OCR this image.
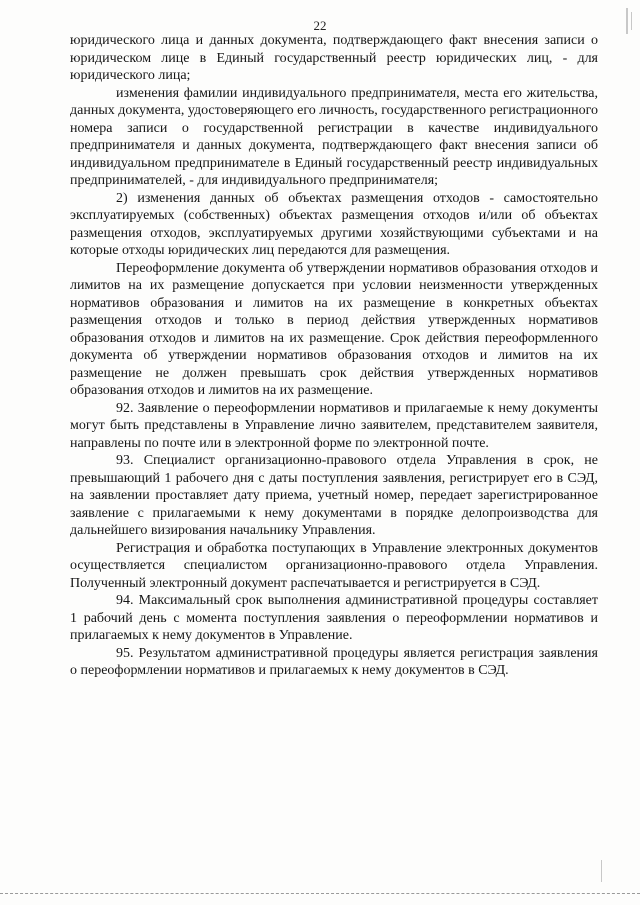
22

юридического лица и данных документа, подтверждающего факт внесения записи о юридическом лице в Единый государственный реестр юридических лиц, - для юридического лица;

изменения фамилии индивидуального предпринимателя, места его жительства, данных документа, удостоверяющего его личность, государственного регистрационного номера записи о государственной регистрации в качестве индивидуального предпринимателя и данных документа, подтверждающего факт внесения записи об индивидуальном предпринимателе в Единый государственный реестр индивидуальных предпринимателей, - для индивидуального предпринимателя;

2) изменения данных об объектах размещения отходов - самостоятельно эксплуатируемых (собственных) объектах размещения отходов и/или об объектах размещения отходов, эксплуатируемых другими хозяйствующими субъектами и на которые отходы юридических лиц передаются для размещения.

Переоформление документа об утверждении нормативов образования отходов и лимитов на их размещение допускается при условии неизменности утвержденных нормативов образования и лимитов на их размещение в конкретных объектах размещения отходов и только в период действия утвержденных нормативов образования отходов и лимитов на их размещение. Срок действия переоформленного документа об утверждении нормативов образования отходов и лимитов на их размещение не должен превышать срок действия утвержденных нормативов образования отходов и лимитов на их размещение.

92. Заявление о переоформлении нормативов и прилагаемые к нему документы могут быть представлены в Управление лично заявителем, представителем заявителя, направлены по почте или в электронной форме по электронной почте.

93. Специалист организационно-правового отдела Управления в срок, не превышающий 1 рабочего дня с даты поступления заявления, регистрирует его в СЭД, на заявлении проставляет дату приема, учетный номер, передает зарегистрированное заявление с прилагаемыми к нему документами в порядке делопроизводства для дальнейшего визирования начальнику Управления.

Регистрация и обработка поступающих в Управление электронных документов осуществляется специалистом организационно-правового отдела Управления. Полученный электронный документ распечатывается и регистрируется в СЭД.

94. Максимальный срок выполнения административной процедуры составляет 1 рабочий день с момента поступления заявления о переоформлении нормативов и прилагаемых к нему документов в Управление.

95. Результатом административной процедуры является регистрация заявления о переоформлении нормативов и прилагаемых к нему документов в СЭД.
